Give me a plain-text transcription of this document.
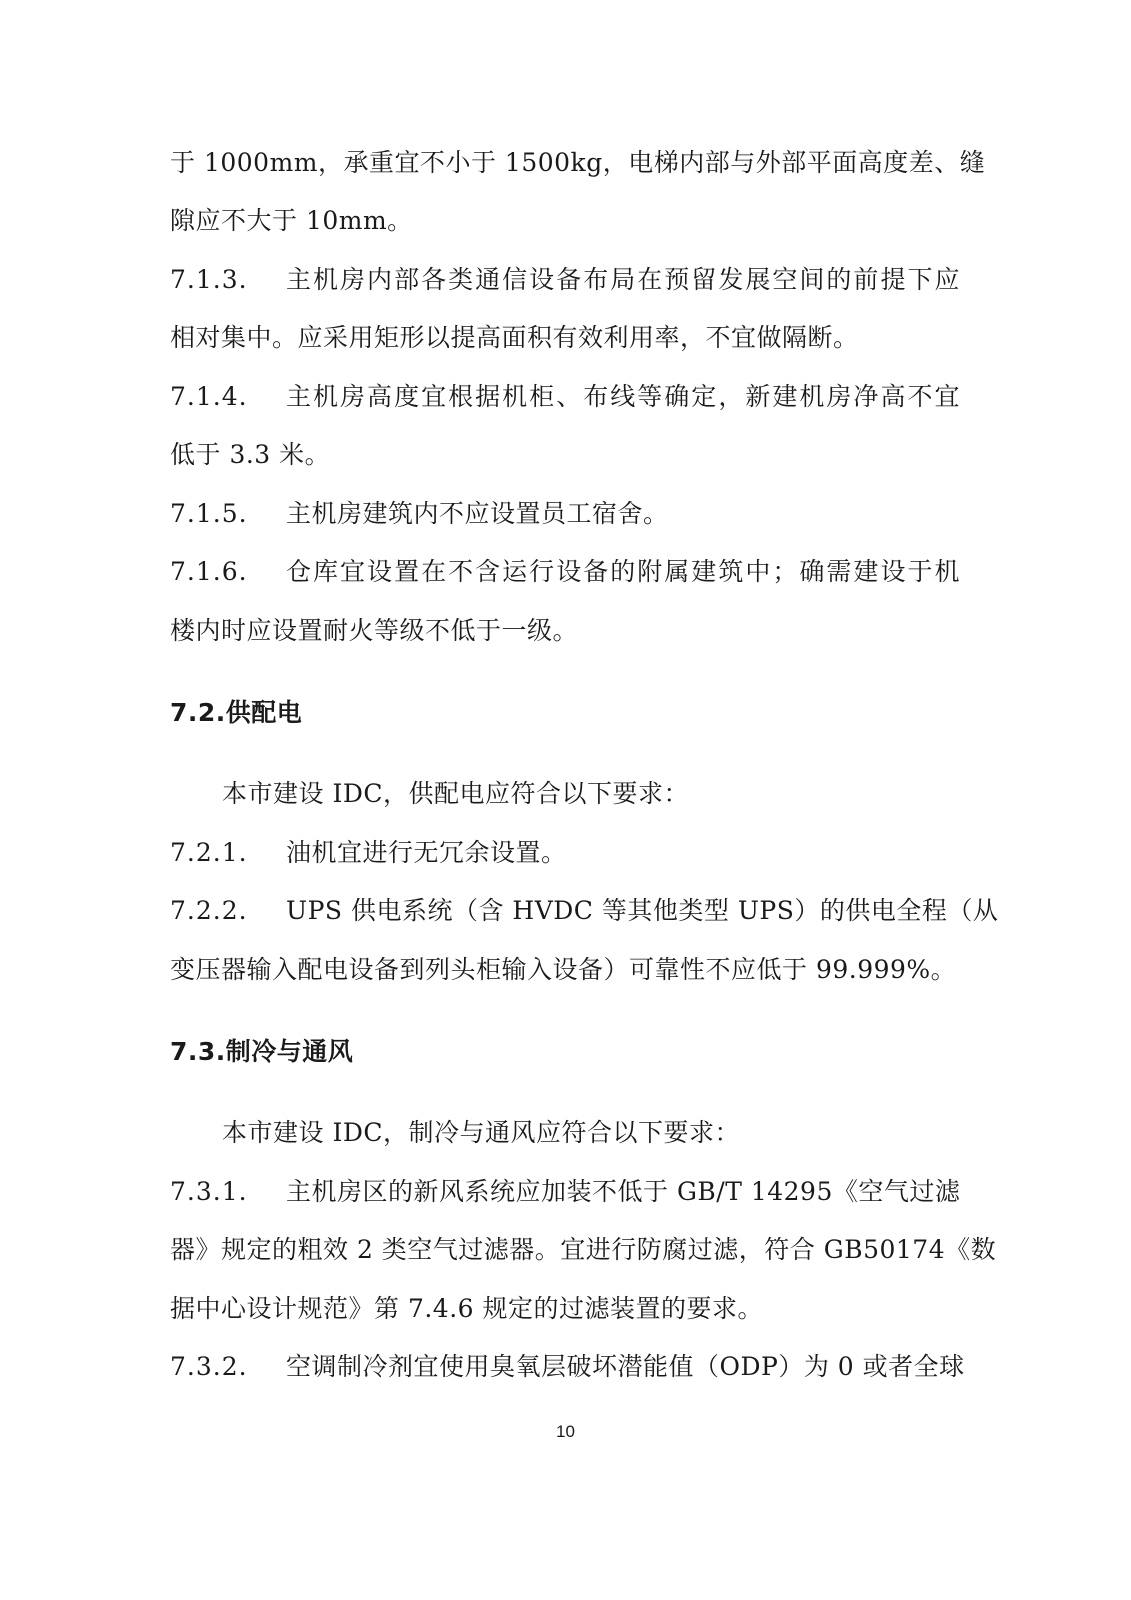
于 1000mm，承重宜不小于 1500kg，电梯内部与外部平面高度差、缝
隙应不大于 10mm。
7.1.3. 主机房内部各类通信设备布局在预留发展空间的前提下应
相对集中。应采用矩形以提高面积有效利用率，不宜做隔断。
7.1.4. 主机房高度宜根据机柜、布线等确定，新建机房净高不宜
低于 3.3 米。
7.1.5. 主机房建筑内不应设置员工宿舍。
7.1.6. 仓库宜设置在不含运行设备的附属建筑中；确需建设于机
楼内时应设置耐火等级不低于一级。
7.2.供配电
本市建设 IDC，供配电应符合以下要求：
7.2.1. 油机宜进行无冗余设置。
7.2.2. UPS 供电系统（含 HVDC 等其他类型 UPS）的供电全程（从
变压器输入配电设备到列头柜输入设备）可靠性不应低于 99.999%。
7.3.制冷与通风
本市建设 IDC，制冷与通风应符合以下要求：
7.3.1. 主机房区的新风系统应加装不低于 GB/T 14295《空气过滤
器》规定的粗效 2 类空气过滤器。宜进行防腐过滤，符合 GB50174《数
据中心设计规范》第 7.4.6 规定的过滤装置的要求。
7.3.2. 空调制冷剂宜使用臭氧层破坏潜能值（ODP）为 0 或者全球
10
